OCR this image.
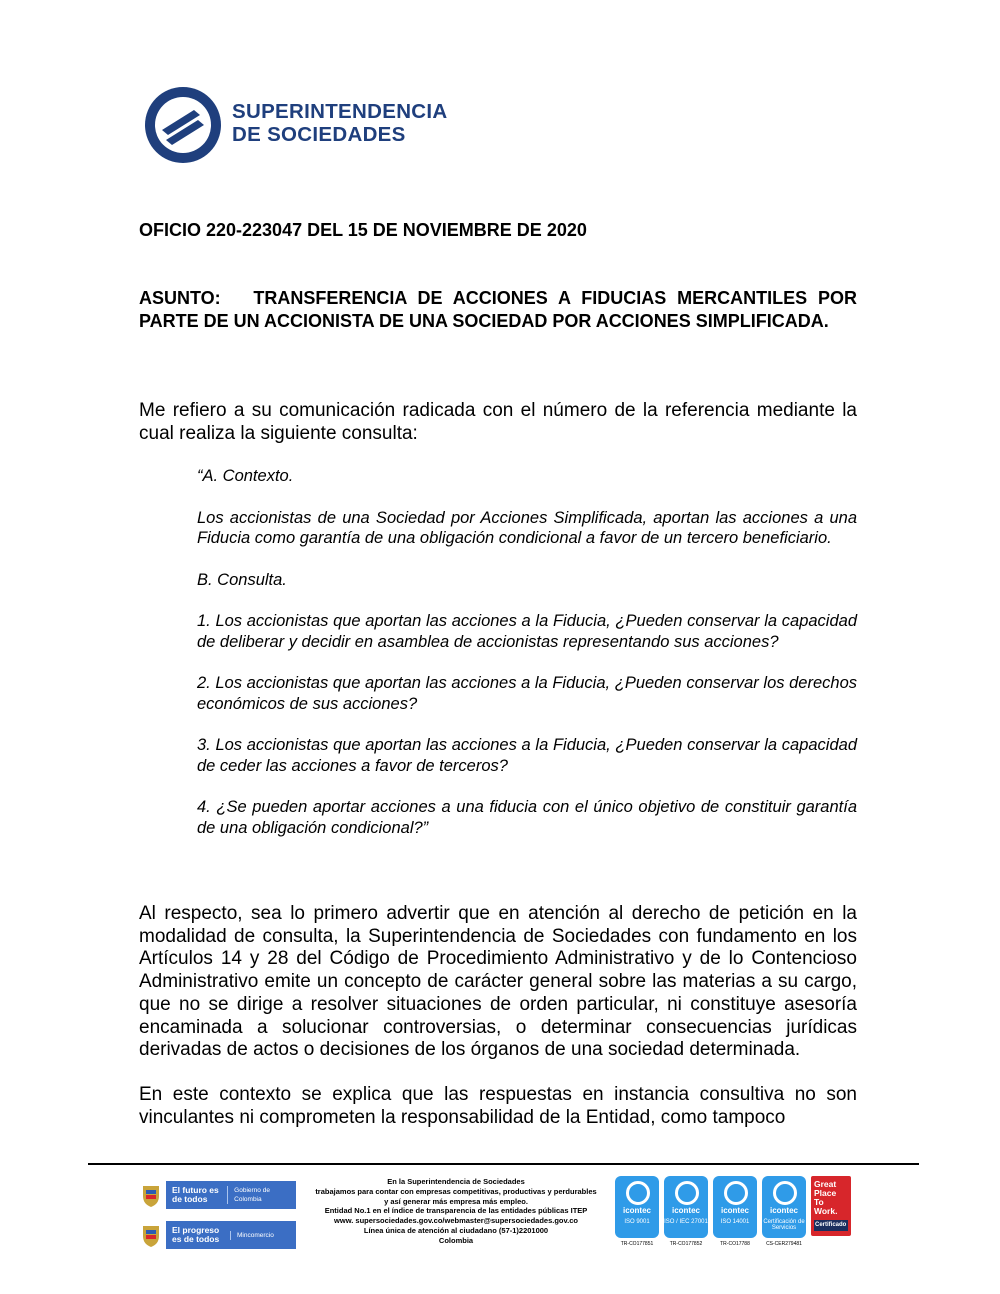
SUPERINTENDENCIA
DE SOCIEDADES
OFICIO 220-223047 DEL 15 DE NOVIEMBRE DE 2020
ASUNTO:   TRANSFERENCIA DE ACCIONES A FIDUCIAS MERCANTILES POR PARTE DE UN ACCIONISTA DE UNA SOCIEDAD POR ACCIONES SIMPLIFICADA.
Me refiero a su comunicación radicada con el número de la referencia mediante la cual realiza la siguiente consulta:

“A. Contexto.

Los accionistas de una Sociedad por Acciones Simplificada, aportan las acciones a una Fiducia como garantía de una obligación condicional a favor de un tercero beneficiario.

B. Consulta.

1. Los accionistas que aportan las acciones a la Fiducia, ¿Pueden conservar la capacidad de deliberar y decidir en asamblea de accionistas representando sus acciones?

2. Los accionistas que aportan las acciones a la Fiducia, ¿Pueden conservar los derechos económicos de sus acciones?

3. Los accionistas que aportan las acciones a la Fiducia, ¿Pueden conservar la capacidad de ceder las acciones a favor de terceros?

4. ¿Se pueden aportar acciones a una fiducia con el único objetivo de constituir garantía de una obligación condicional?”

Al respecto, sea lo primero advertir que en atención al derecho de petición en la modalidad de consulta, la Superintendencia de Sociedades con fundamento en los Artículos 14 y 28 del Código de Procedimiento Administrativo y de lo Contencioso Administrativo emite un concepto de carácter general sobre las materias a su cargo, que no se dirige a resolver situaciones de orden particular, ni constituye asesoría encaminada a solucionar controversias, o determinar consecuencias jurídicas derivadas de actos o decisiones de los órganos de una sociedad determinada.

En este contexto se explica que las respuestas en instancia consultiva no son vinculantes ni comprometen la responsabilidad de la Entidad, como tampoco

El futuro es de todos
Gobierno de Colombia
El progreso es de todos	Mincomercio
En la Superintendencia de Sociedades
trabajamos para contar con empresas competitivas, productivas y perdurables
y así generar más empresa más empleo.
Entidad No.1 en el índice de transparencia de las entidades públicas ITEP
www. supersociedades.gov.co/webmaster@supersociedades.gov.co
Línea única de atención al ciudadano (57-1)2201000
Colombia
icontec
ISO 9001
TR-CO177851
icontec
ISO / IEC 27001
TR-CO177852
icontec
ISO 14001
TR-CO17788
icontec
Certificación de Servicios
CS-CER279481
Great
Place
To
Work.
Certificado
